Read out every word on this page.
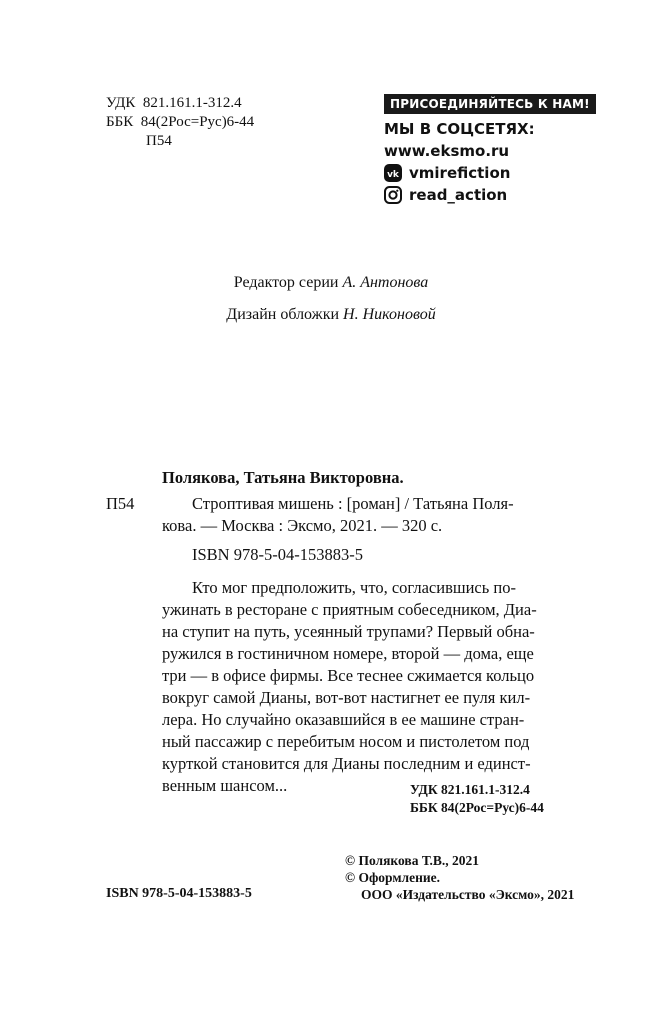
УДК 821.161.1-312.4
ББК 84(2Рос=Рус)6-44
П54
ПРИСОЕДИНЯЙТЕСЬ К НАМ!
МЫ В СОЦСЕТЯХ:
www.eksmo.ru
vk vmirefiction
read_action
Редактор серии А. Антонова
Дизайн обложки Н. Никоновой
Полякова, Татьяна Викторовна.
П54	Строптивая мишень : [роман] / Татьяна Поля-
кова. — Москва : Эксмо, 2021. — 320 с.
ISBN 978-5-04-153883-5
Кто мог предположить, что, согласившись по-
ужинать в ресторане с приятным собеседником, Диа-
на ступит на путь, усеянный трупами? Первый обна-
ружился в гостиничном номере, второй — дома, еще
три — в офисе фирмы. Все теснее сжимается кольцо
вокруг самой Дианы, вот-вот настигнет ее пуля кил-
лера. Но случайно оказавшийся в ее машине стран-
ный пассажир с перебитым носом и пистолетом под
курткой становится для Дианы последним и единст-
венным шансом...	УДК 821.161.1-312.4
ББК 84(2Рос=Рус)6-44
ISBN 978-5-04-153883-5
© Полякова Т.В., 2021
© Оформление.
ООО «Издательство «Эксмо», 2021
